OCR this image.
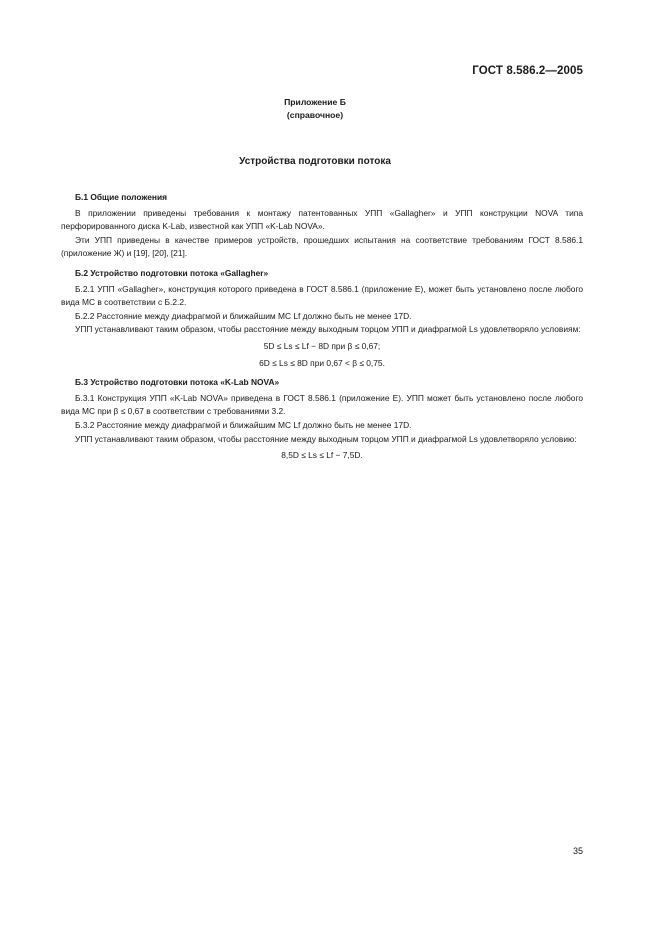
ГОСТ 8.586.2—2005
Приложение Б
(справочное)
Устройства подготовки потока

Б.1 Общие положения

В приложении приведены требования к монтажу патентованных УПП «Gallagher» и УПП конструкции NOVA типа перфорированного диска K-Lab, известной как УПП «K-Lab NOVA».

Эти УПП приведены в качестве примеров устройств, прошедших испытания на соответствие требованиям ГОСТ 8.586.1 (приложение Ж) и [19], [20], [21].

Б.2 Устройство подготовки потока «Gallagher»

Б.2.1 УПП «Gallagher», конструкция которого приведена в ГОСТ 8.586.1 (приложение Е), может быть установлено после любого вида МС в соответствии с Б.2.2.

Б.2.2 Расстояние между диафрагмой и ближайшим МС Lf должно быть не менее 17D.

УПП устанавливают таким образом, чтобы расстояние между выходным торцом УПП и диафрагмой Ls удовлетворяло условиям:

5D ≤ Ls ≤ Lf − 8D при β ≤ 0,67;

6D ≤ Ls ≤ 8D при 0,67 < β ≤ 0,75.

Б.3 Устройство подготовки потока «K-Lab NOVA»

Б.3.1 Конструкция УПП «K-Lab NOVA» приведена в ГОСТ 8.586.1 (приложение Е). УПП может быть установлено после любого вида МС при β ≤ 0,67 в соответствии с требованиями 3.2.

Б.3.2 Расстояние между диафрагмой и ближайшим МС Lf должно быть не менее 17D.

УПП устанавливают таким образом, чтобы расстояние между выходным торцом УПП и диафрагмой Ls удовлетворяло условию:

8,5D ≤ Ls ≤ Lf − 7,5D.

35
